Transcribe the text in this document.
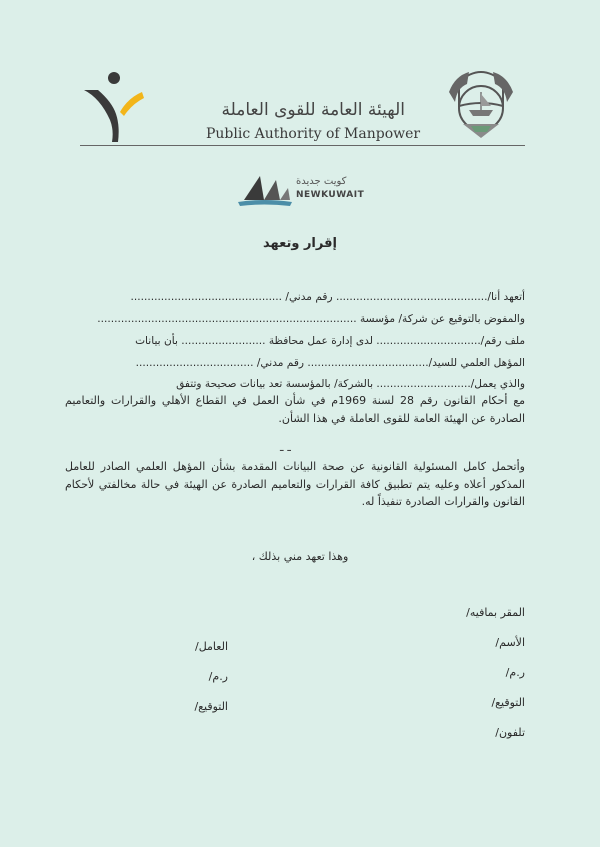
الهيئة العامة للقوى العاملة
Public Authority of Manpower
كويت جديدة
NEWKUWAIT
إقرار وتعهد
أتعهد أنا/............................................. رقم مدني/ .............................................
والمفوض بالتوقيع عن شركة/ مؤسسة .............................................................................
ملف رقم/............................... لدى إدارة عمل محافظة ......................... بأن بيانات
المؤهل العلمي للسيد/.................................... رقم مدني/ ...................................
والذي يعمل/............................ بالشركة/ بالمؤسسة تعد بيانات صحيحة وتتفق
مع أحكام القانون رقم 28 لسنة 1969م في شأن العمل في القطاع الأهلي والقرارات والتعاميم الصادرة عن الهيئة العامة للقوى العاملة في هذا الشأن.
ـ ـ
وأتحمل كامل المسئولية القانونية عن صحة البيانات المقدمة بشأن المؤهل العلمي الصادر للعامل المذكور أعلاه وعليه يتم تطبيق كافة القرارات والتعاميم الصادرة عن الهيئة في حالة مخالفتي لأحكام القانون والقرارات الصادرة تنفيذاً له.
وهذا تعهد مني بذلك ،
المقر بمافيه/
الأسم/
ر.م/
التوقيع/
تلفون/
العامل/
ر.م/
التوقيع/
